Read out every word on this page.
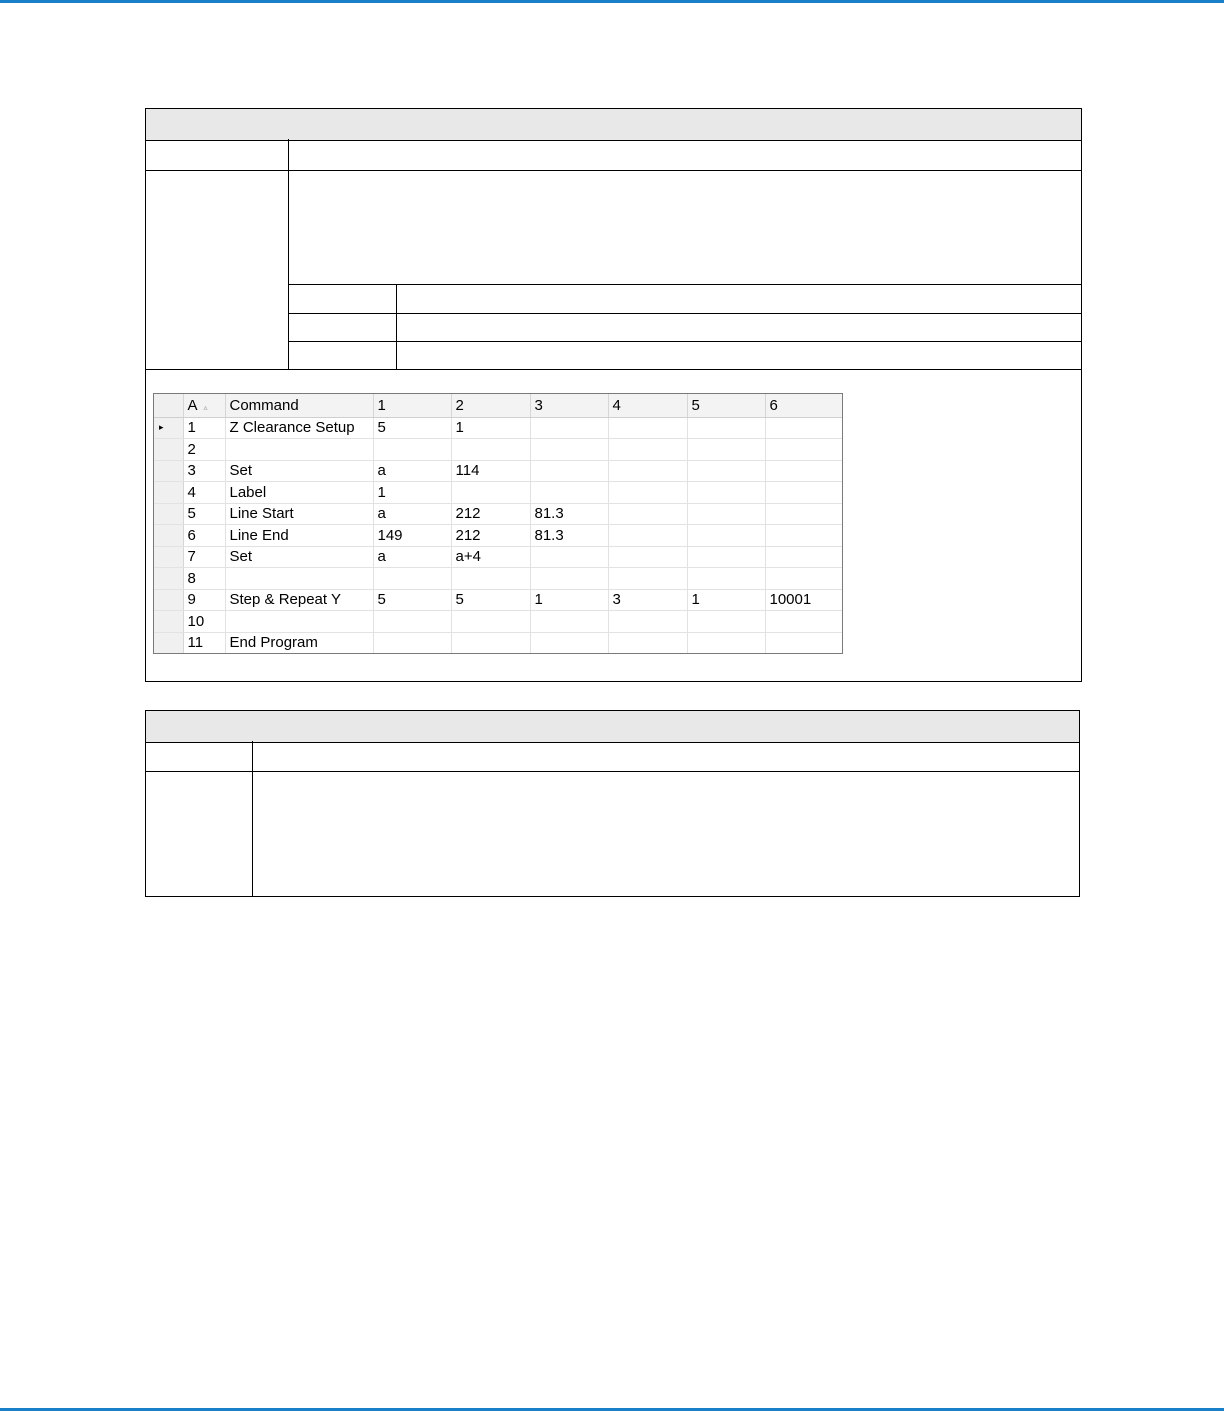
	A ▵	Command	1	2	3	4	5	6

▸	1	Z Clearance Setup	5	1				
	2							
	3	Set	a	114				
	4	Label	1					
	5	Line Start	a	212	81.3			
	6	Line End	149	212	81.3			
	7	Set	a	a+4				
	8							
	9	Step & Repeat Y	5	5	1	3	1	10001
	10							
	11	End Program						
